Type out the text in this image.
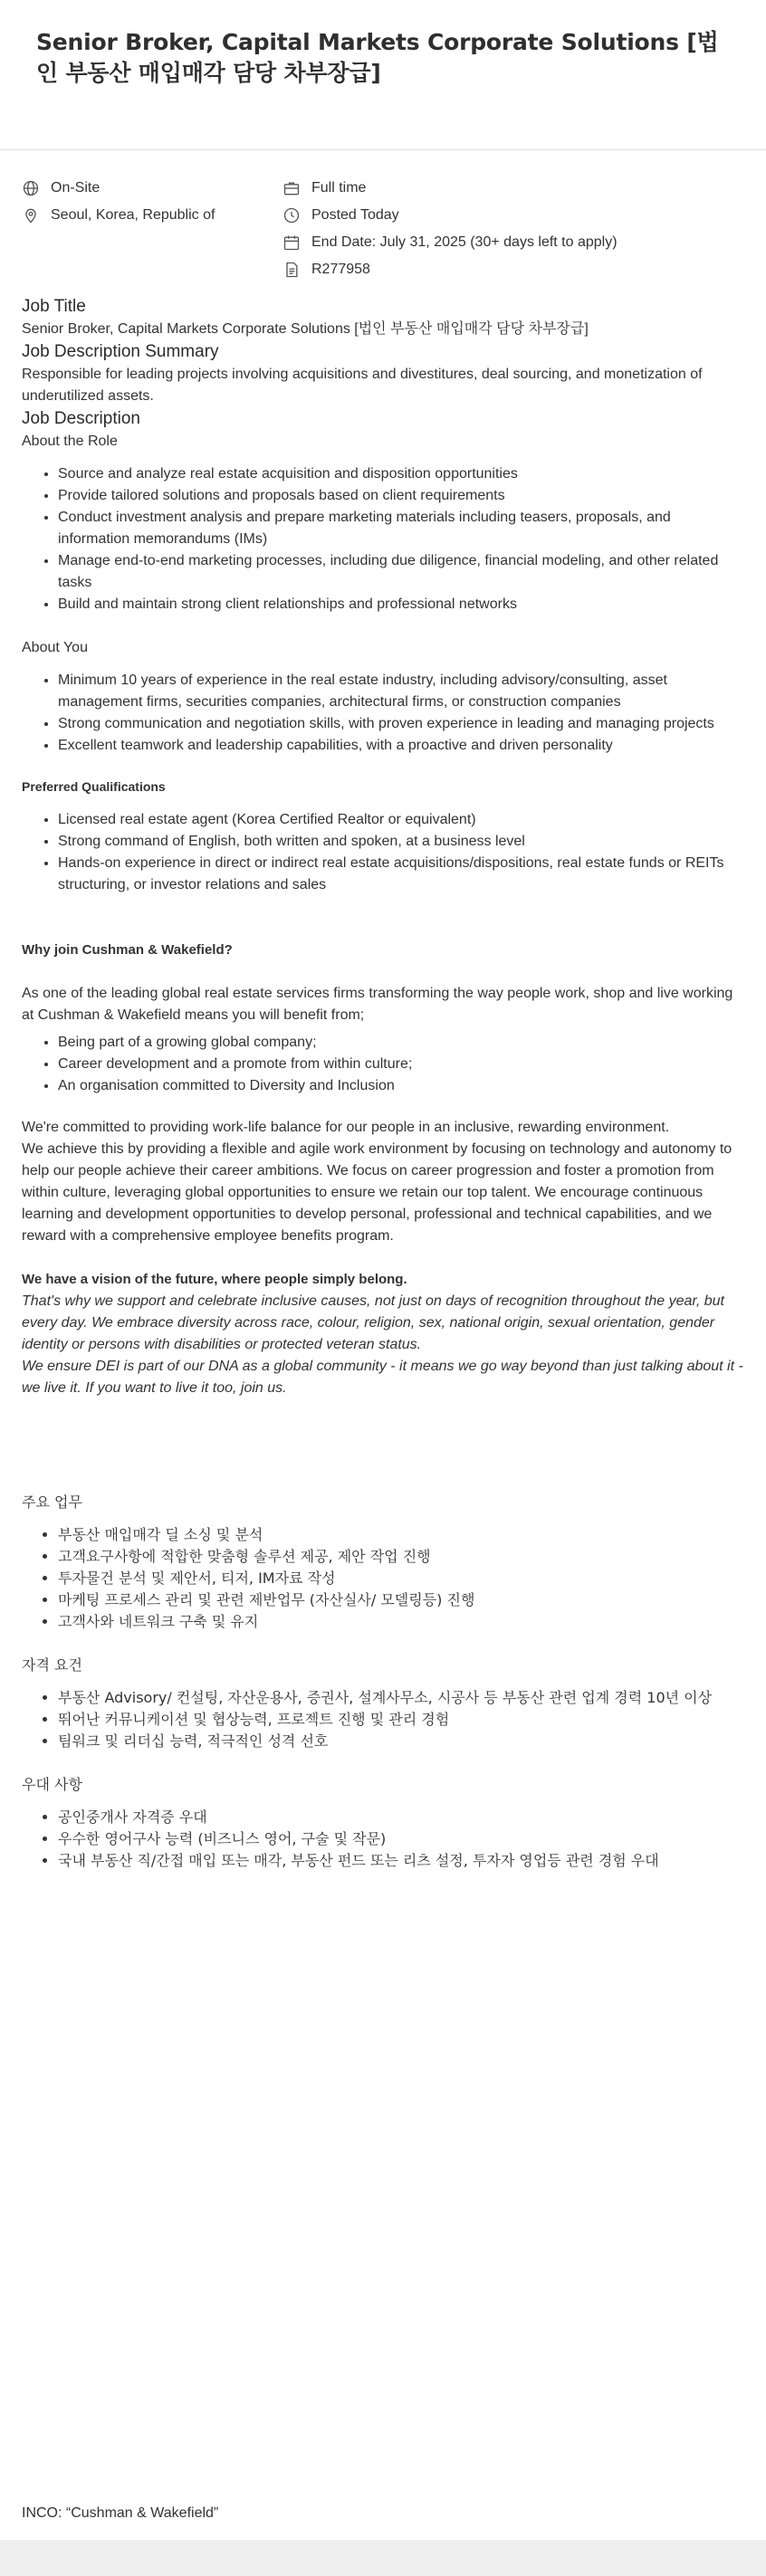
Senior Broker, Capital Markets Corporate Solutions [법인 부동산 매입매각 담당 차부장급]
On-Site
Seoul, Korea, Republic of
Full time
Posted Today
End Date: July 31, 2025 (30+ days left to apply)
R277958
Job Title

Senior Broker, Capital Markets Corporate Solutions [법인 부동산 매입매각 담당 차부장급]

Job Description Summary

Responsible for leading projects involving acquisitions and divestitures, deal sourcing, and monetization of underutilized assets.

Job Description

About the Role

• Source and analyze real estate acquisition and disposition opportunities
• Provide tailored solutions and proposals based on client requirements
• Conduct investment analysis and prepare marketing materials including teasers, proposals, and information memorandums (IMs)
• Manage end-to-end marketing processes, including due diligence, financial modeling, and other related tasks
• Build and maintain strong client relationships and professional networks

About You

• Minimum 10 years of experience in the real estate industry, including advisory/consulting, asset management firms, securities companies, architectural firms, or construction companies
• Strong communication and negotiation skills, with proven experience in leading and managing projects
• Excellent teamwork and leadership capabilities, with a proactive and driven personality

Preferred Qualifications

• Licensed real estate agent (Korea Certified Realtor or equivalent)
• Strong command of English, both written and spoken, at a business level
• Hands-on experience in direct or indirect real estate acquisitions/dispositions, real estate funds or REITs structuring, or investor relations and sales

Why join Cushman & Wakefield?

As one of the leading global real estate services firms transforming the way people work, shop and live working at Cushman & Wakefield means you will benefit from;

• Being part of a growing global company;
• Career development and a promote from within culture;
• An organisation committed to Diversity and Inclusion

We're committed to providing work-life balance for our people in an inclusive, rewarding environment.

We achieve this by providing a flexible and agile work environment by focusing on technology and autonomy to help our people achieve their career ambitions. We focus on career progression and foster a promotion from within culture, leveraging global opportunities to ensure we retain our top talent. We encourage continuous learning and development opportunities to develop personal, professional and technical capabilities, and we reward with a comprehensive employee benefits program.

We have a vision of the future, where people simply belong.

That's why we support and celebrate inclusive causes, not just on days of recognition throughout the year, but every day. We embrace diversity across race, colour, religion, sex, national origin, sexual orientation, gender identity or persons with disabilities or protected veteran status.

We ensure DEI is part of our DNA as a global community - it means we go way beyond than just talking about it - we live it. If you want to live it too, join us.

주요 업무

• 부동산 매입매각 딜 소싱 및 분석
• 고객요구사항에 적합한 맞춤형 솔루션 제공, 제안 작업 진행
• 투자물건 분석 및 제안서, 티저, IM자료 작성
• 마케팅 프로세스 관리 및 관련 제반업무 (자산실사/ 모델링등) 진행
• 고객사와 네트워크 구축 및 유지

자격 요건

• 부동산 Advisory/ 컨설팅, 자산운용사, 증권사, 설계사무소, 시공사 등 부동산 관련 업계 경력 10년 이상
• 뛰어난 커뮤니케이션 및 협상능력, 프로젝트 진행 및 관리 경험
• 팀워크 및 리더십 능력, 적극적인 성격 선호

우대 사항

• 공인중개사 자격증 우대
• 우수한 영어구사 능력 (비즈니스 영어, 구술 및 작문)
• 국내 부동산 직/간접 매입 또는 매각, 부동산 펀드 또는 리츠 설정, 투자자 영업등 관련 경험 우대

INCO: “Cushman & Wakefield”
